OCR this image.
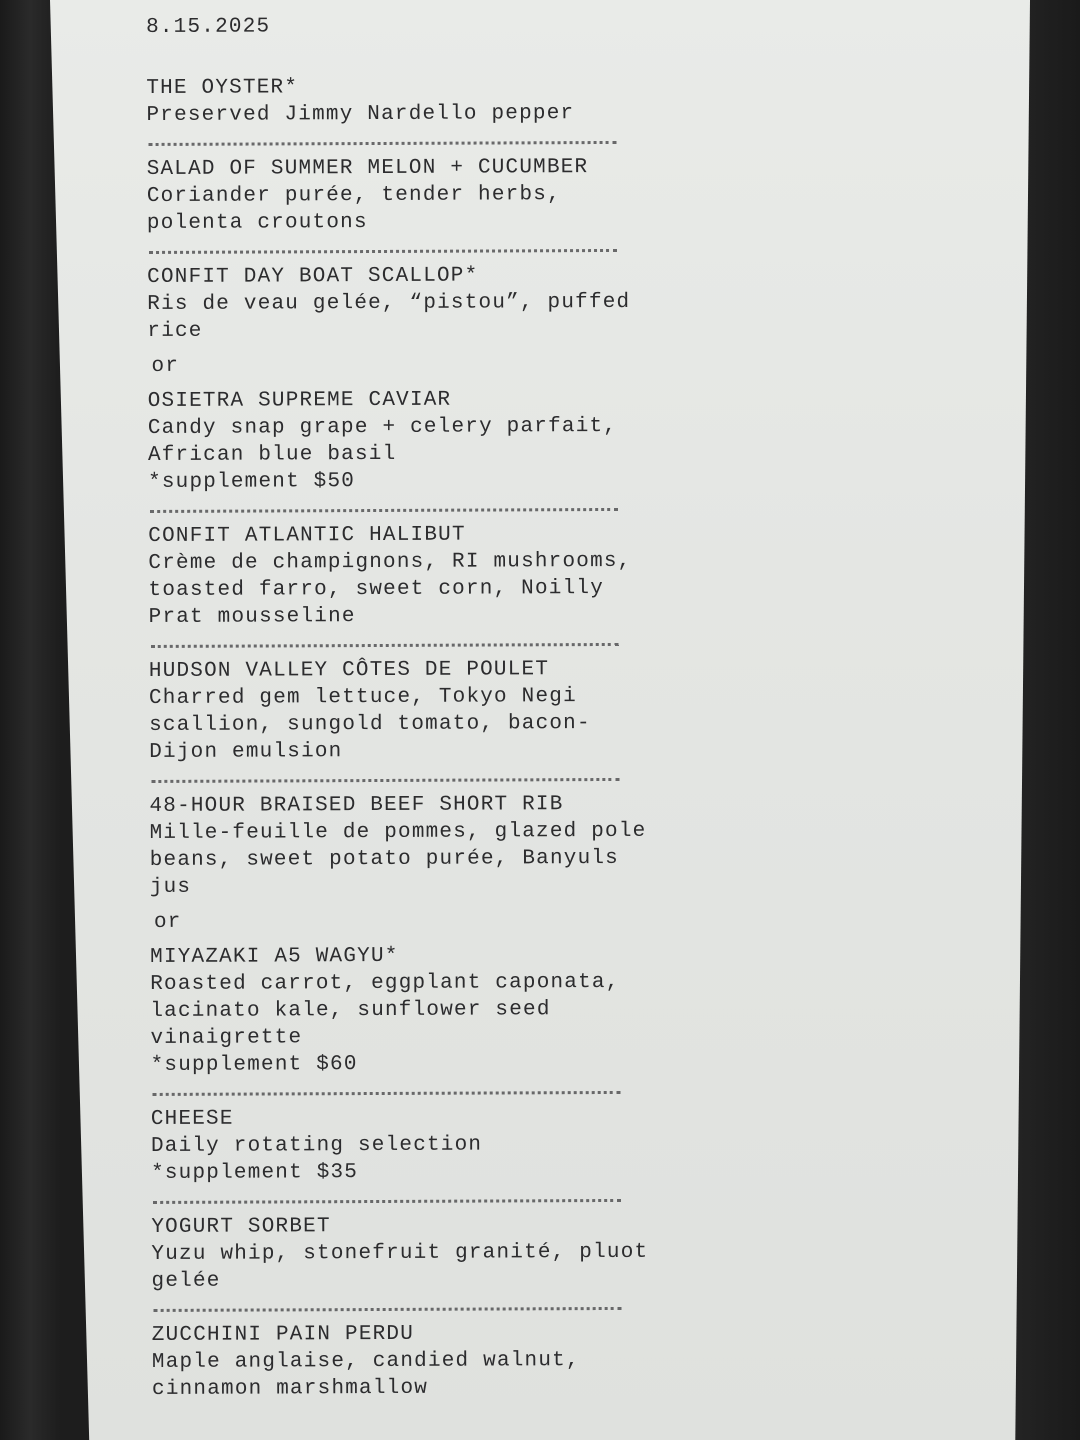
8.15.2025
THE OYSTER*
Preserved Jimmy Nardello pepper
SALAD OF SUMMER MELON + CUCUMBER
Coriander purée, tender herbs,
polenta croutons
CONFIT DAY BOAT SCALLOP*
Ris de veau gelée, “pistou”, puffed
rice
or
OSIETRA SUPREME CAVIAR
Candy snap grape + celery parfait,
African blue basil
*supplement $50
CONFIT ATLANTIC HALIBUT
Crème de champignons, RI mushrooms,
toasted farro, sweet corn, Noilly
Prat mousseline
HUDSON VALLEY CÔTES DE POULET
Charred gem lettuce, Tokyo Negi
scallion, sungold tomato, bacon-
Dijon emulsion
48-HOUR BRAISED BEEF SHORT RIB
Mille-feuille de pommes, glazed pole
beans, sweet potato purée, Banyuls
jus
or
MIYAZAKI A5 WAGYU*
Roasted carrot, eggplant caponata,
lacinato kale, sunflower seed
vinaigrette
*supplement $60
CHEESE
Daily rotating selection
*supplement $35
YOGURT SORBET
Yuzu whip, stonefruit granité, pluot
gelée
ZUCCHINI PAIN PERDU
Maple anglaise, candied walnut,
cinnamon marshmallow
